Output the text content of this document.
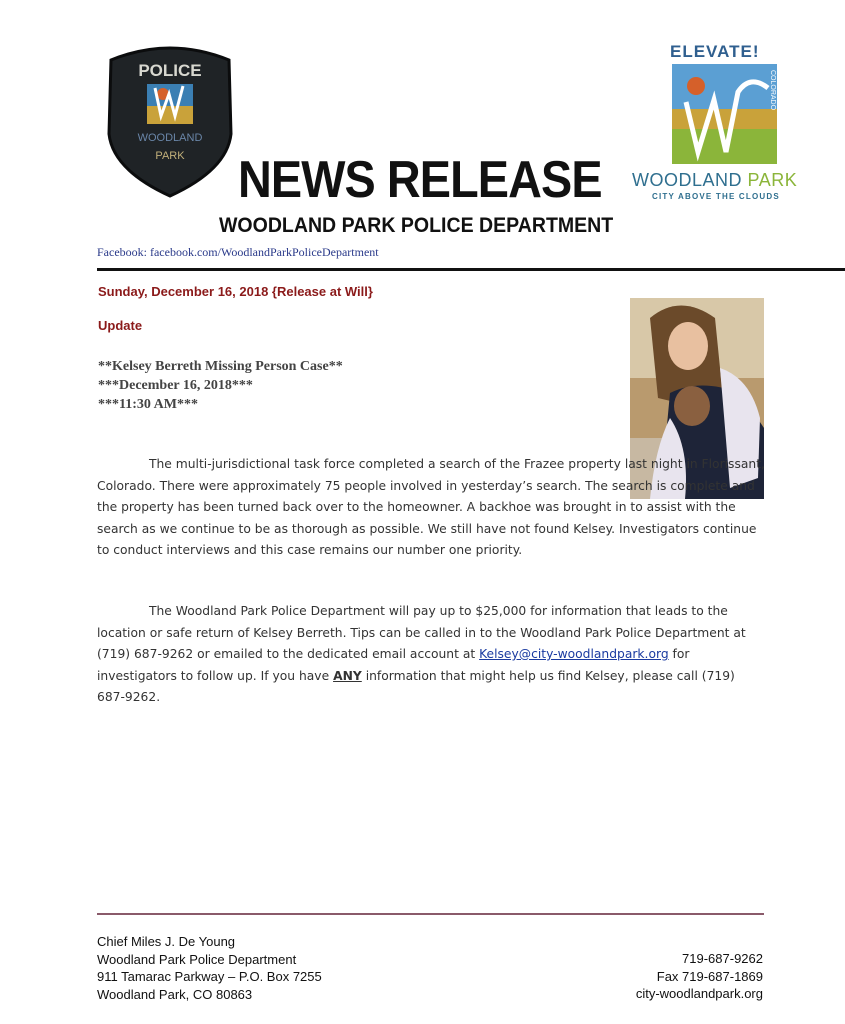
POLICE
WOODLAND
PARK
ELEVATE!
COLORADO
WOODLAND PARK
CITY ABOVE THE CLOUDS
NEWS RELEASE
WOODLAND PARK POLICE DEPARTMENT
Facebook: facebook.com/WoodlandParkPoliceDepartment
Sunday, December 16, 2018 {Release at Will}
Update
**Kelsey Berreth Missing Person Case**
***December 16, 2018***
***11:30 AM***
The multi-jurisdictional task force completed a search of the Frazee property last night in Florissant, Colorado. There were approximately 75 people involved in yesterday’s search. The search is complete and the property has been turned back over to the homeowner. A backhoe was brought in to assist with the search as we continue to be as thorough as possible. We still have not found Kelsey. Investigators continue to conduct interviews and this case remains our number one priority.
The Woodland Park Police Department will pay up to $25,000 for information that leads to the location or safe return of Kelsey Berreth. Tips can be called in to the Woodland Park Police Department at (719) 687-9262 or emailed to the dedicated email account at Kelsey@city-woodlandpark.org for investigators to follow up. If you have ANY information that might help us find Kelsey, please call (719) 687-9262.
Chief Miles J. De Young
Woodland Park Police Department
911 Tamarac Parkway – P.O. Box 7255
Woodland Park, CO 80863
719-687-9262
Fax 719-687-1869
city-woodlandpark.org
